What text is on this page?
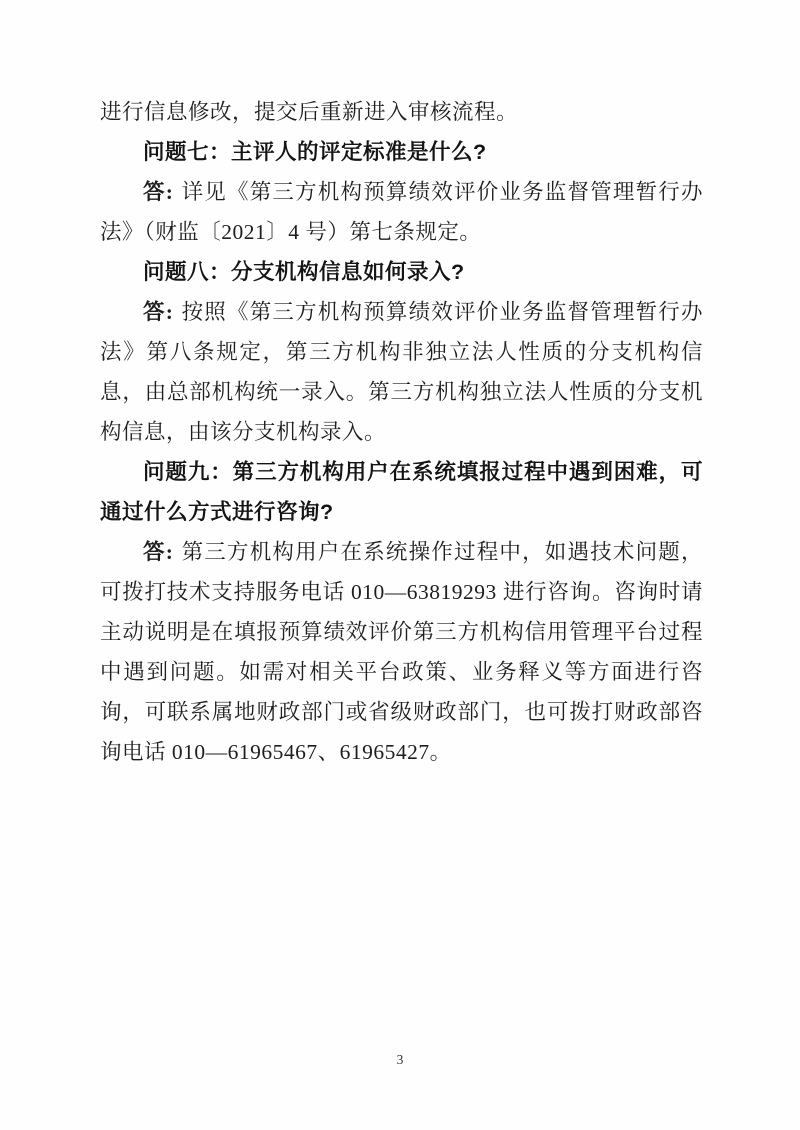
进行信息修改，提交后重新进入审核流程。

问题七：主评人的评定标准是什么?

答: 详见《第三方机构预算绩效评价业务监督管理暂行办法》（财监〔2021〕4 号）第七条规定。

问题八：分支机构信息如何录入?

答: 按照《第三方机构预算绩效评价业务监督管理暂行办法》第八条规定，第三方机构非独立法人性质的分支机构信息，由总部机构统一录入。第三方机构独立法人性质的分支机构信息，由该分支机构录入。

问题九：第三方机构用户在系统填报过程中遇到困难，可通过什么方式进行咨询?

答: 第三方机构用户在系统操作过程中，如遇技术问题，可拨打技术支持服务电话 010—63819293 进行咨询。咨询时请主动说明是在填报预算绩效评价第三方机构信用管理平台过程中遇到问题。如需对相关平台政策、业务释义等方面进行咨询，可联系属地财政部门或省级财政部门，也可拨打财政部咨询电话 010—61965467、61965427。

3
